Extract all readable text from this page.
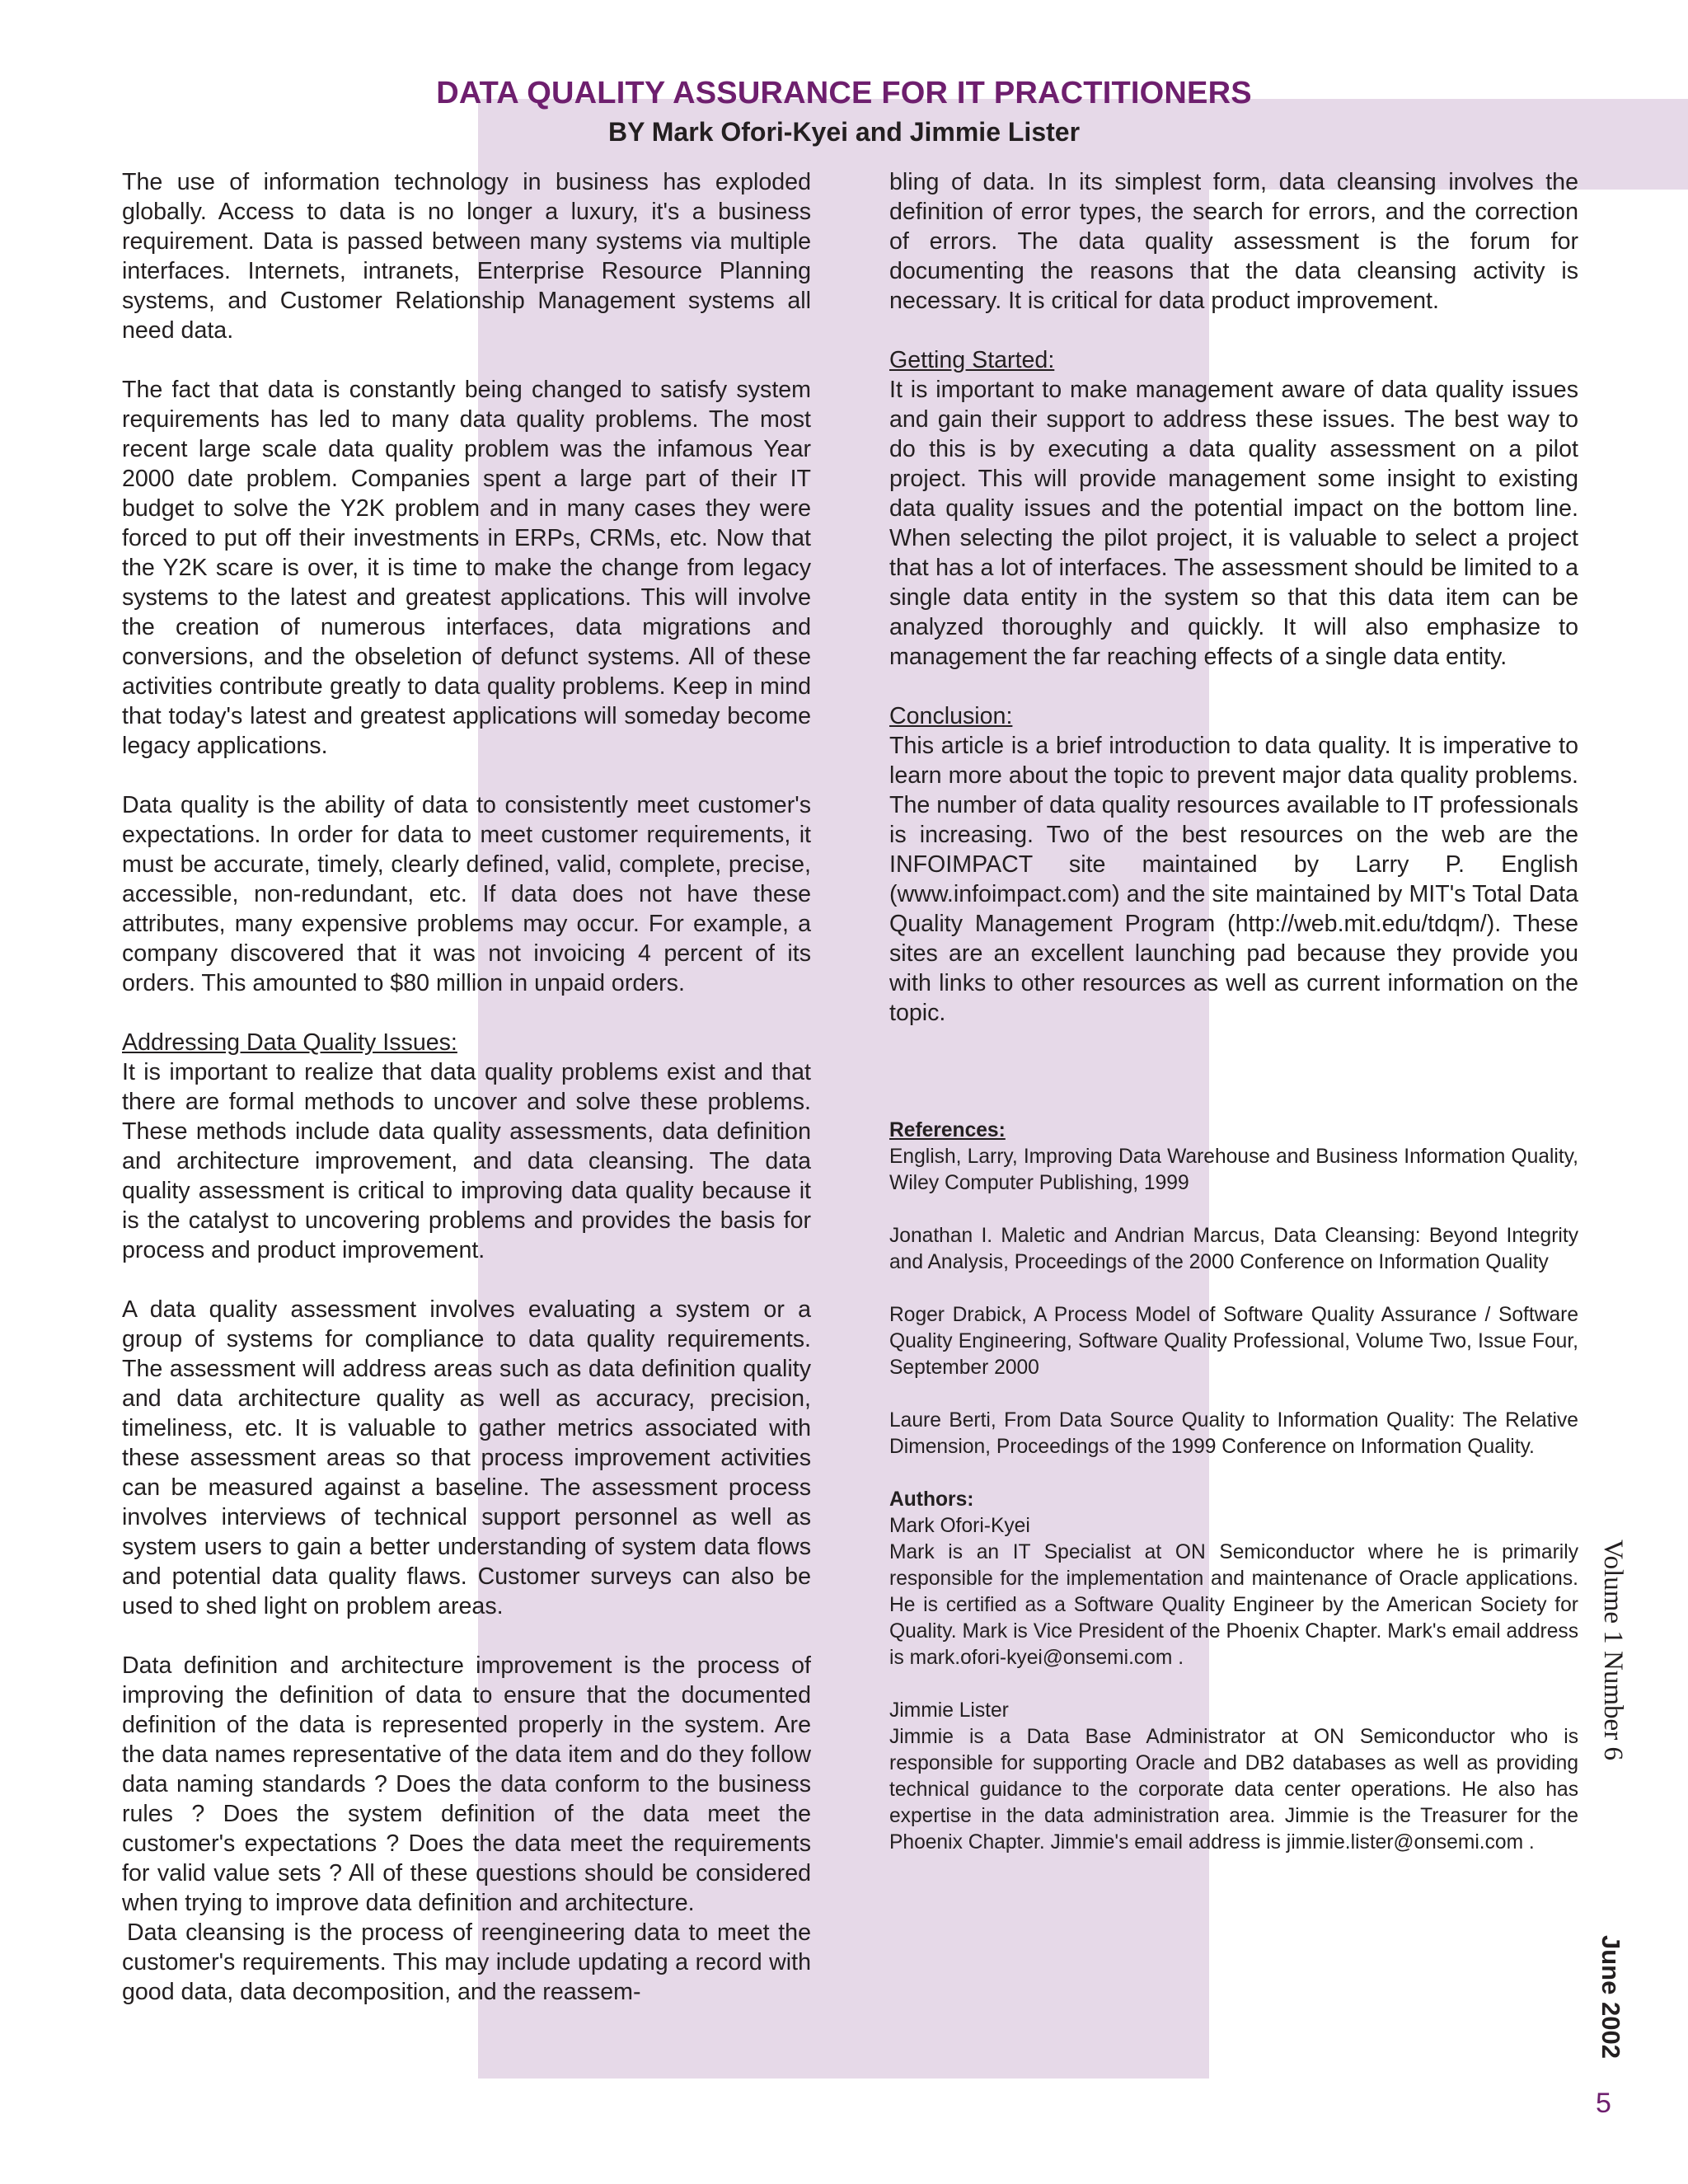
DATA QUALITY ASSURANCE FOR IT PRACTITIONERS
BY Mark Ofori-Kyei and Jimmie Lister

The use of information technology in business has exploded globally. Access to data is no longer a luxury, it's a business requirement. Data is passed between many systems via multiple interfaces. Internets, intranets, Enterprise Resource Planning systems, and Customer Relationship Management systems all need data.

The fact that data is constantly being changed to satisfy system requirements has led to many data quality problems. The most recent large scale data quality problem was the infamous Year 2000 date problem. Companies spent a large part of their IT budget to solve the Y2K problem and in many cases they were forced to put off their investments in ERPs, CRMs, etc. Now that the Y2K scare is over, it is time to make the change from legacy systems to the latest and greatest applications. This will involve the creation of numerous interfaces, data migrations and conversions, and the obseletion of defunct systems. All of these activities contribute greatly to data quality problems. Keep in mind that today's latest and greatest applications will someday become legacy applications.

Data quality is the ability of data to consistently meet customer's expectations. In order for data to meet customer requirements, it must be accurate, timely, clearly defined, valid, complete, precise, accessible, non-redundant, etc. If data does not have these attributes, many expensive problems may occur. For example, a company discovered that it was not invoicing 4 percent of its orders. This amounted to $80 million in unpaid orders.

Addressing Data Quality Issues:

It is important to realize that data quality problems exist and that there are formal methods to uncover and solve these problems. These methods include data quality assessments, data definition and architecture improvement, and data cleansing. The data quality assessment is critical to improving data quality because it is the catalyst to uncovering problems and provides the basis for process and product improvement.

A data quality assessment involves evaluating a system or a group of systems for compliance to data quality requirements. The assessment will address areas such as data definition quality and data architecture quality as well as accuracy, precision, timeliness, etc. It is valuable to gather metrics associated with these assessment areas so that process improvement activities can be measured against a baseline. The assessment process involves interviews of technical support personnel as well as system users to gain a better understanding of system data flows and potential data quality flaws. Customer surveys can also be used to shed light on problem areas.

Data definition and architecture improvement is the process of improving the definition of data to ensure that the documented definition of the data is represented properly in the system. Are the data names representative of the data item and do they follow data naming standards ? Does the data conform to the business rules ? Does the system definition of the data meet the customer's expectations ? Does the data meet the requirements for valid value sets ? All of these questions should be considered when trying to improve data definition and architecture.

Data cleansing is the process of reengineering data to meet the customer's requirements. This may include updating a record with good data, data decomposition, and the reassem-

bling of data. In its simplest form, data cleansing involves the definition of error types, the search for errors, and the correction of errors. The data quality assessment is the forum for documenting the reasons that the data cleansing activity is necessary. It is critical for data product improvement.

Getting Started:

It is important to make management aware of data quality issues and gain their support to address these issues. The best way to do this is by executing a data quality assessment on a pilot project. This will provide management some insight to existing data quality issues and the potential impact on the bottom line. When selecting the pilot project, it is valuable to select a project that has a lot of interfaces. The assessment should be limited to a single data entity in the system so that this data item can be analyzed thoroughly and quickly. It will also emphasize to management the far reaching effects of a single data entity.

Conclusion:

This article is a brief introduction to data quality. It is imperative to learn more about the topic to prevent major data quality problems. The number of data quality resources available to IT professionals is increasing. Two of the best resources on the web are the INFOIMPACT site maintained by Larry P. English (www.infoimpact.com) and the site maintained by MIT's Total Data Quality Management Program (http://web.mit.edu/tdqm/). These sites are an excellent launching pad because they provide you with links to other resources as well as current information on the topic.

References:

English, Larry, Improving Data Warehouse and Business Information Quality, Wiley Computer Publishing, 1999

Jonathan I. Maletic and Andrian Marcus, Data Cleansing: Beyond Integrity and Analysis, Proceedings of the 2000 Conference on Information Quality

Roger Drabick, A Process Model of Software Quality Assurance / Software Quality Engineering, Software Quality Professional, Volume Two, Issue Four, September 2000

Laure Berti, From Data Source Quality to Information Quality: The Relative Dimension, Proceedings of the 1999 Conference on Information Quality.

Authors:
Mark Ofori-Kyei

Mark is an IT Specialist at ON Semiconductor where he is primarily responsible for the implementation and maintenance of Oracle applications. He is certified as a Software Quality Engineer by the American Society for Quality. Mark is Vice President of the Phoenix Chapter. Mark's email address is mark.ofori-kyei@onsemi.com .

Jimmie Lister

Jimmie is a Data Base Administrator at ON Semiconductor who is responsible for supporting Oracle and DB2 databases as well as providing technical guidance to the corporate data center operations. He also has expertise in the data administration area. Jimmie is the Treasurer for the Phoenix Chapter. Jimmie's email address is jimmie.lister@onsemi.com .

Volume 1 Number 6
June 2002
5
